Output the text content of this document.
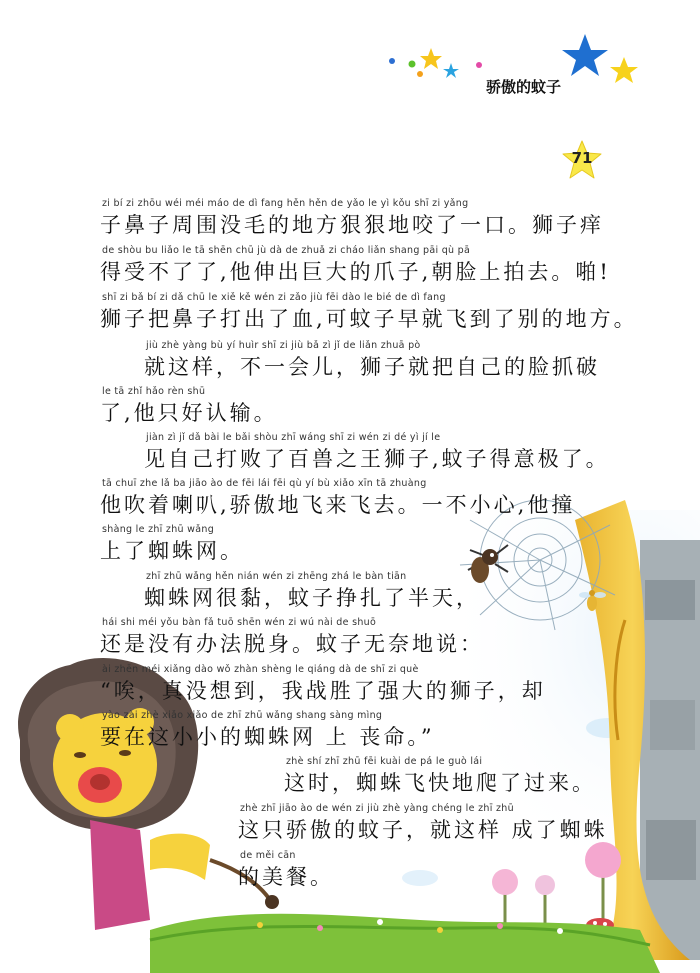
骄傲的蚊子
71
zi bí zi zhōu wéi méi máo de dì fang hěn hěn de yǎo le yì kǒu shī zi yǎng
子鼻子周围没毛的地方狠狠地咬了一口。狮子痒
de shòu bu liǎo le tā shēn chū jù dà de zhuǎ zi cháo liǎn shang pāi qù pā
得受不了了,他伸出巨大的爪子,朝脸上拍去。啪!
shī zi bǎ bí zi dǎ chū le xiě kě wén zi zǎo jiù fēi dào le bié de dì fang
狮子把鼻子打出了血,可蚊子早就飞到了别的地方。
jiù zhè yàng bù yí huìr shī zi jiù bǎ zì jǐ de liǎn zhuā pò
就这样，不一会儿，狮子就把自己的脸抓破
le tā zhǐ hǎo rèn shū
了,他只好认输。
jiàn zì jǐ dǎ bài le bǎi shòu zhī wáng shī zi wén zi dé yì jí le
见自己打败了百兽之王狮子,蚊子得意极了。
tā chuī zhe lǎ ba jiāo ào de fēi lái fēi qù yí bù xiǎo xīn tā zhuàng
他吹着喇叭,骄傲地飞来飞去。一不小心,他撞
shàng le zhī zhū wǎng
上了蜘蛛网。
zhī zhū wǎng hěn nián wén zi zhēng zhá le bàn tiān
蜘蛛网很黏，蚊子挣扎了半天，
hái shi méi yǒu bàn fǎ tuō shēn wén zi wú nài de shuō
还是没有办法脱身。蚊子无奈地说：
ài zhēn méi xiǎng dào wǒ zhàn shèng le qiáng dà de shī zi què
“唉，真没想到，我战胜了强大的狮子，却
yào zài zhè xiǎo xiǎo de zhī zhū wǎng shang sàng mìng
要在这小小的蜘蛛网 上 丧命。”
zhè shí zhī zhū fēi kuài de pá le guò lái
这时，蜘蛛飞快地爬了过来。
zhè zhī jiāo ào de wén zi jiù zhè yàng chéng le zhī zhū
这只骄傲的蚊子，就这样 成了蜘蛛
de měi cān
的美餐。
